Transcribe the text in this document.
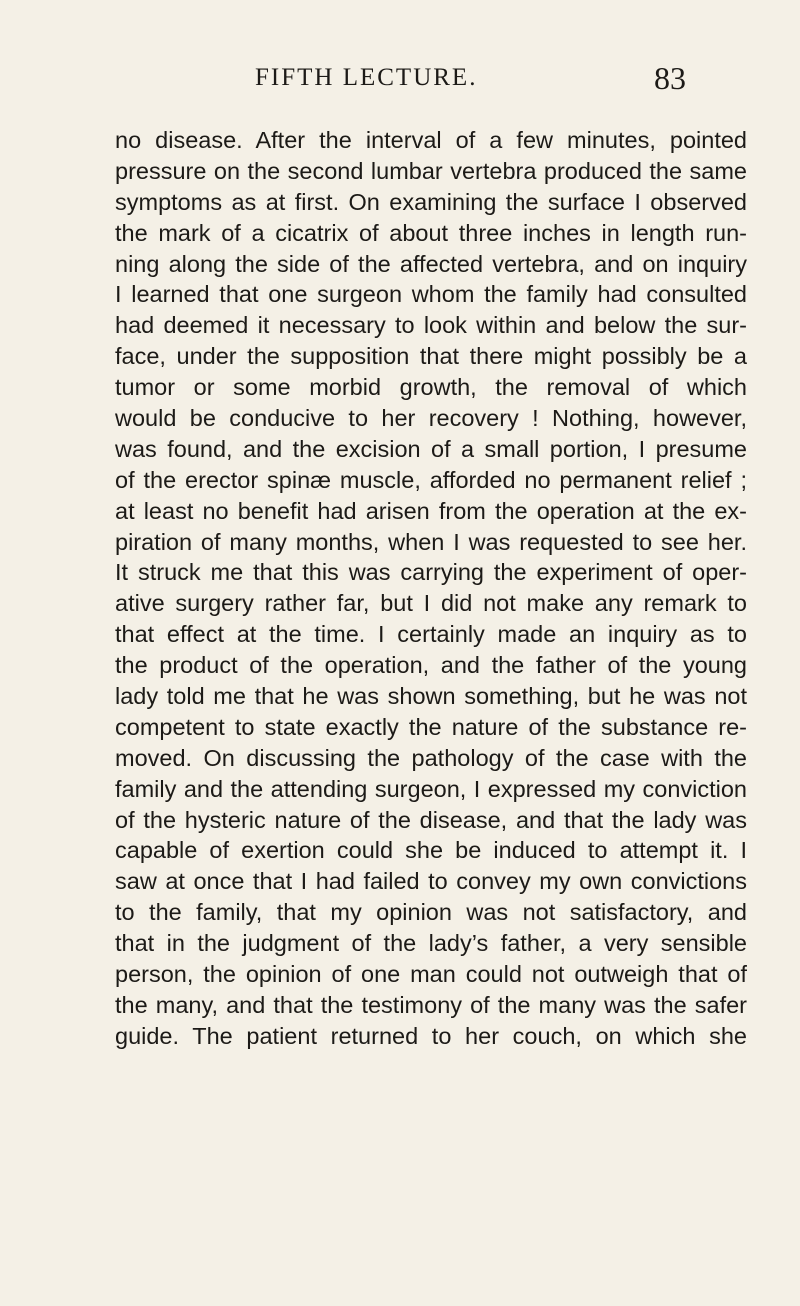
FIFTH LECTURE.	83
no disease. After the interval of a few minutes, pointed
pressure on the second lumbar vertebra produced the same
symptoms as at first. On examining the surface I observed
the mark of a cicatrix of about three inches in length run-
ning along the side of the affected vertebra, and on inquiry
I learned that one surgeon whom the family had consulted
had deemed it necessary to look within and below the sur-
face, under the supposition that there might possibly be a
tumor or some morbid growth, the removal of which
would be conducive to her recovery ! Nothing, however,
was found, and the excision of a small portion, I presume
of the erector spinæ muscle, afforded no permanent relief ;
at least no benefit had arisen from the operation at the ex-
piration of many months, when I was requested to see her.
It struck me that this was carrying the experiment of oper-
ative surgery rather far, but I did not make any remark to
that effect at the time. I certainly made an inquiry as to
the product of the operation, and the father of the young
lady told me that he was shown something, but he was not
competent to state exactly the nature of the substance re-
moved. On discussing the pathology of the case with the
family and the attending surgeon, I expressed my conviction
of the hysteric nature of the disease, and that the lady was
capable of exertion could she be induced to attempt it. I
saw at once that I had failed to convey my own convictions
to the family, that my opinion was not satisfactory, and
that in the judgment of the lady’s father, a very sensible
person, the opinion of one man could not outweigh that of
the many, and that the testimony of the many was the safer
guide. The patient returned to her couch, on which she
